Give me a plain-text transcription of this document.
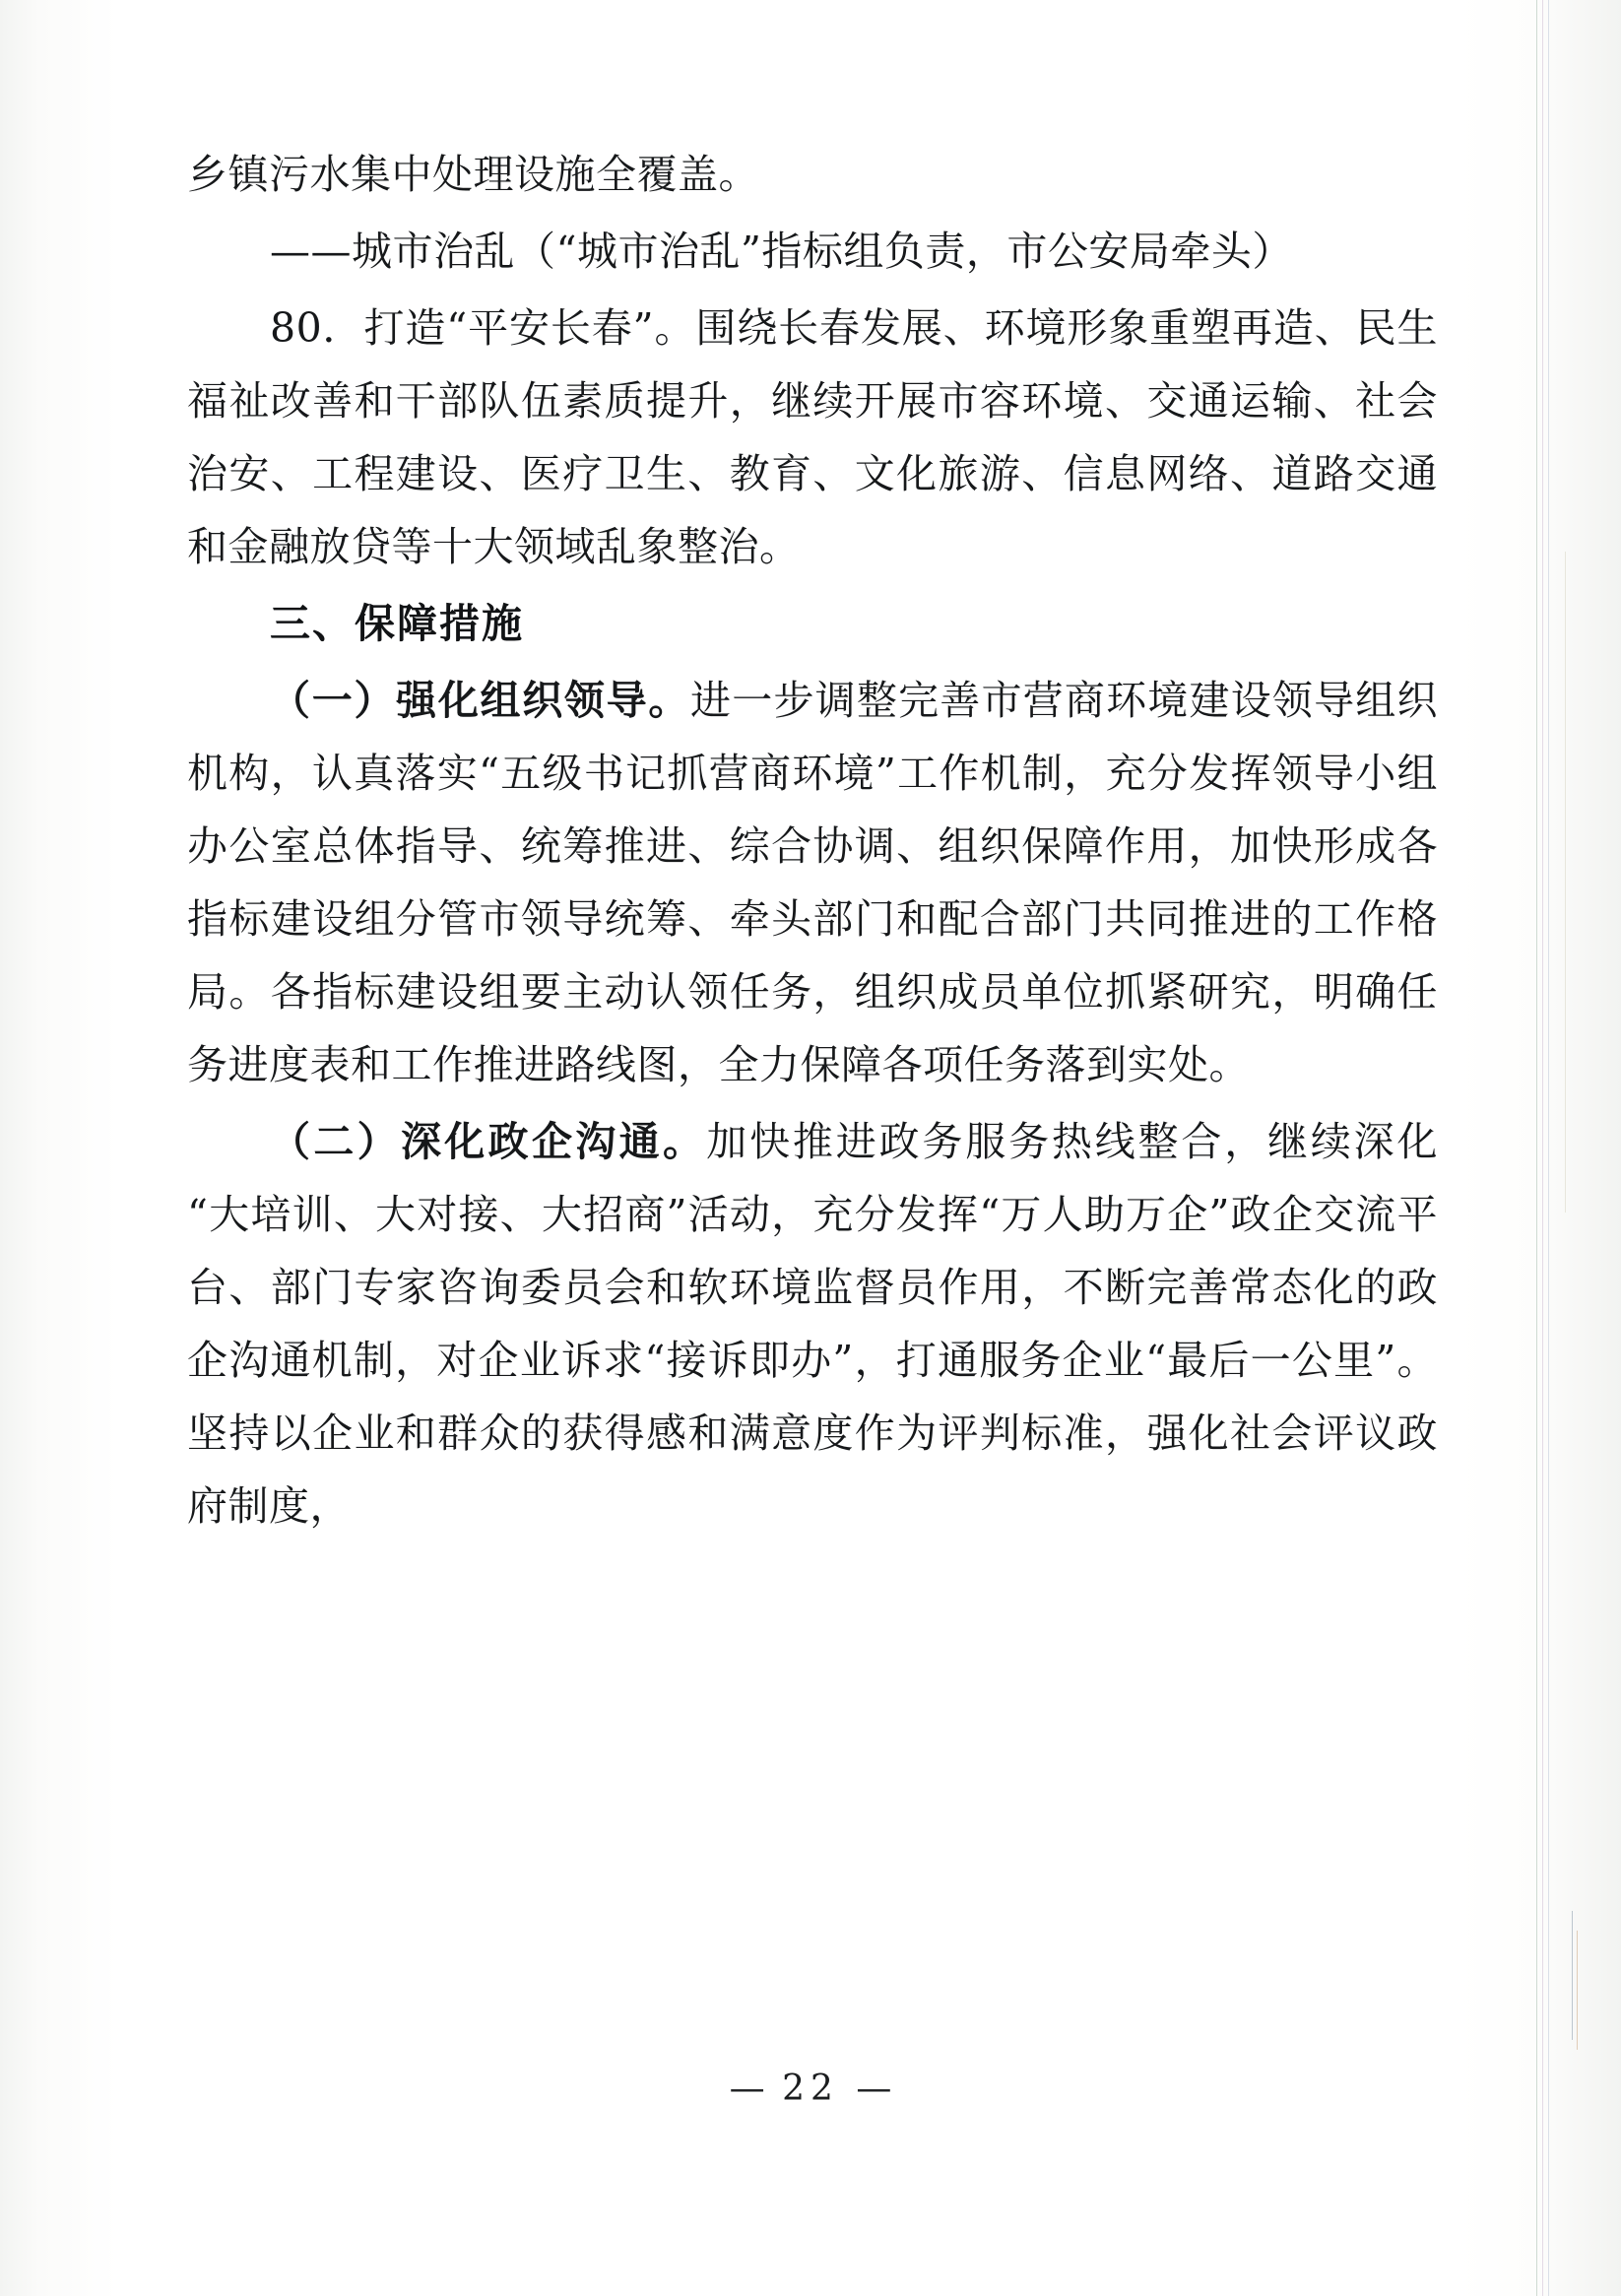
乡镇污水集中处理设施全覆盖。

——城市治乱（“城市治乱”指标组负责，市公安局牵头）

80．打造“平安长春”。围绕长春发展、环境形象重塑再造、民生福祉改善和干部队伍素质提升，继续开展市容环境、交通运输、社会治安、工程建设、医疗卫生、教育、文化旅游、信息网络、道路交通和金融放贷等十大领域乱象整治。

三、保障措施

（一）强化组织领导。进一步调整完善市营商环境建设领导组织机构，认真落实“五级书记抓营商环境”工作机制，充分发挥领导小组办公室总体指导、统筹推进、综合协调、组织保障作用，加快形成各指标建设组分管市领导统筹、牵头部门和配合部门共同推进的工作格局。各指标建设组要主动认领任务，组织成员单位抓紧研究，明确任务进度表和工作推进路线图，全力保障各项任务落到实处。

（二）深化政企沟通。加快推进政务服务热线整合，继续深化“大培训、大对接、大招商”活动，充分发挥“万人助万企”政企交流平台、部门专家咨询委员会和软环境监督员作用，不断完善常态化的政企沟通机制，对企业诉求“接诉即办”，打通服务企业“最后一公里”。坚持以企业和群众的获得感和满意度作为评判标准，强化社会评议政府制度，

— 22 —
